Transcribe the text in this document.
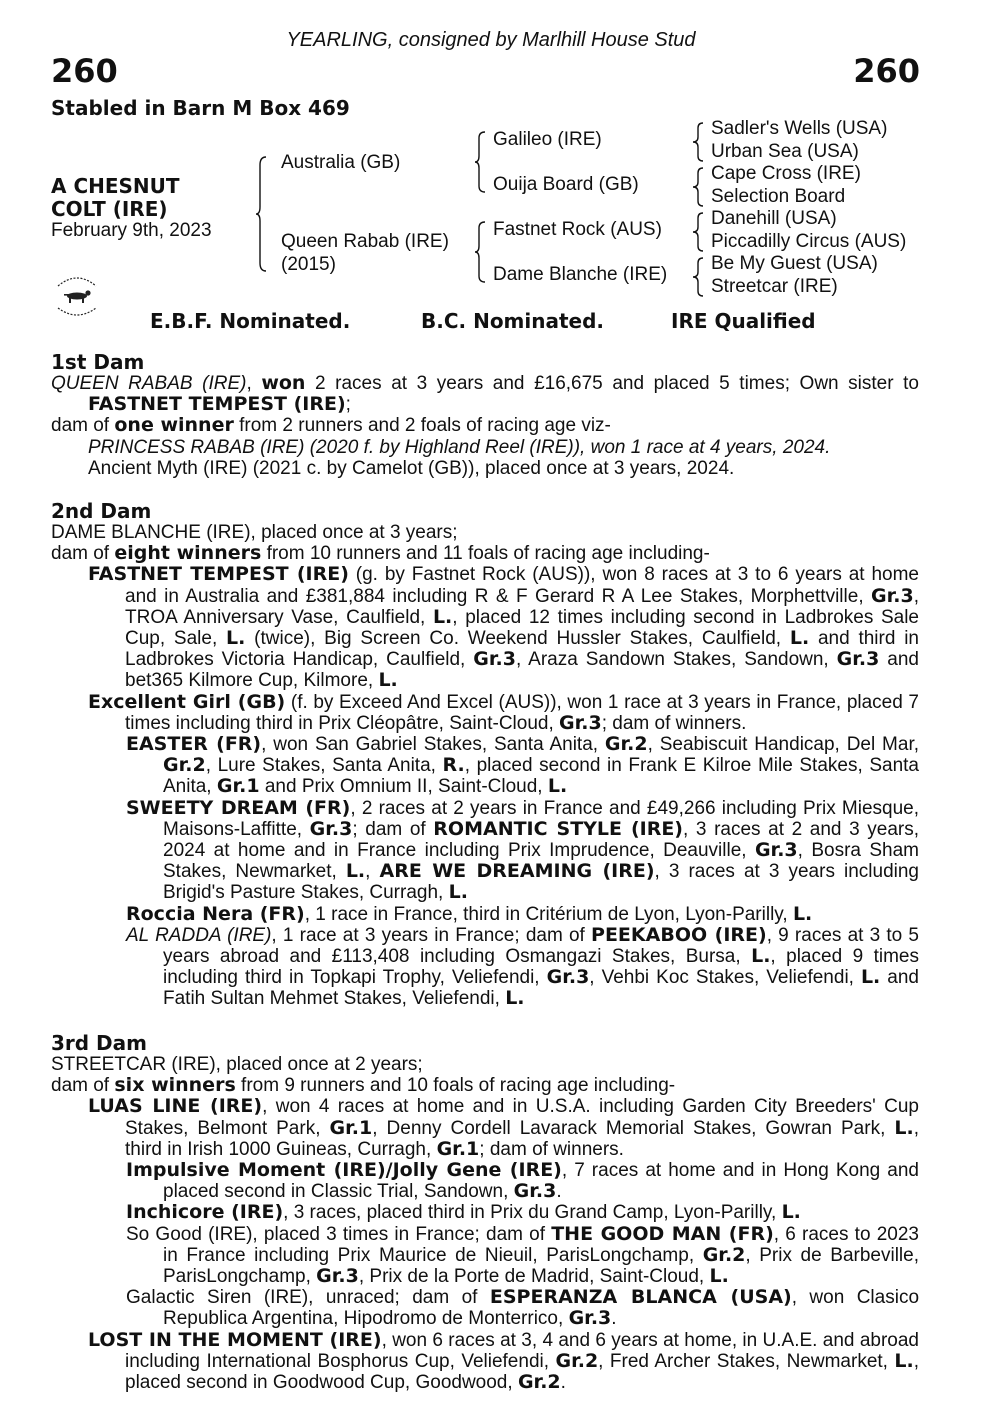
YEARLING, consigned by Marlhill House Stud
260	260
Stabled in Barn M Box 469
A CHESNUT
COLT (IRE)
February 9th, 2023
Australia (GB)
Queen Rabab (IRE)
(2015)
Galileo (IRE)
Ouija Board (GB)
Fastnet Rock (AUS)
Dame Blanche (IRE)
Sadler's Wells (USA)
Urban Sea (USA)
Cape Cross (IRE)
Selection Board
Danehill (USA)
Piccadilly Circus (AUS)
Be My Guest (USA)
Streetcar (IRE)
E.B.F. Nominated.	B.C. Nominated.	IRE Qualified
1st Dam
QUEEN RABAB (IRE), won 2 races at 3 years and £16,675 and placed 5 times; Own sister to FASTNET TEMPEST (IRE);
dam of one winner from 2 runners and 2 foals of racing age viz-
PRINCESS RABAB (IRE) (2020 f. by Highland Reel (IRE)), won 1 race at 4 years, 2024.
Ancient Myth (IRE) (2021 c. by Camelot (GB)), placed once at 3 years, 2024.
2nd Dam
DAME BLANCHE (IRE), placed once at 3 years;
dam of eight winners from 10 runners and 11 foals of racing age including-
FASTNET TEMPEST (IRE) (g. by Fastnet Rock (AUS)), won 8 races at 3 to 6 years at home and in Australia and £381,884 including R & F Gerard R A Lee Stakes, Morphettville, Gr.3, TROA Anniversary Vase, Caulfield, L., placed 12 times including second in Ladbrokes Sale Cup, Sale, L. (twice), Big Screen Co. Weekend Hussler Stakes, Caulfield, L. and third in Ladbrokes Victoria Handicap, Caulfield, Gr.3, Araza Sandown Stakes, Sandown, Gr.3 and bet365 Kilmore Cup, Kilmore, L.
Excellent Girl (GB) (f. by Exceed And Excel (AUS)), won 1 race at 3 years in France, placed 7 times including third in Prix Cléopâtre, Saint-Cloud, Gr.3; dam of winners.
EASTER (FR), won San Gabriel Stakes, Santa Anita, Gr.2, Seabiscuit Handicap, Del Mar, Gr.2, Lure Stakes, Santa Anita, R., placed second in Frank E Kilroe Mile Stakes, Santa Anita, Gr.1 and Prix Omnium II, Saint-Cloud, L.
SWEETY DREAM (FR), 2 races at 2 years in France and £49,266 including Prix Miesque, Maisons-Laffitte, Gr.3; dam of ROMANTIC STYLE (IRE), 3 races at 2 and 3 years, 2024 at home and in France including Prix Imprudence, Deauville, Gr.3, Bosra Sham Stakes, Newmarket, L., ARE WE DREAMING (IRE), 3 races at 3 years including Brigid's Pasture Stakes, Curragh, L.
Roccia Nera (FR), 1 race in France, third in Critérium de Lyon, Lyon-Parilly, L.
AL RADDA (IRE), 1 race at 3 years in France; dam of PEEKABOO (IRE), 9 races at 3 to 5 years abroad and £113,408 including Osmangazi Stakes, Bursa, L., placed 9 times including third in Topkapi Trophy, Veliefendi, Gr.3, Vehbi Koc Stakes, Veliefendi, L. and Fatih Sultan Mehmet Stakes, Veliefendi, L.
3rd Dam
STREETCAR (IRE), placed once at 2 years;
dam of six winners from 9 runners and 10 foals of racing age including-
LUAS LINE (IRE), won 4 races at home and in U.S.A. including Garden City Breeders' Cup Stakes, Belmont Park, Gr.1, Denny Cordell Lavarack Memorial Stakes, Gowran Park, L., third in Irish 1000 Guineas, Curragh, Gr.1; dam of winners.
Impulsive Moment (IRE)/Jolly Gene (IRE), 7 races at home and in Hong Kong and placed second in Classic Trial, Sandown, Gr.3.
Inchicore (IRE), 3 races, placed third in Prix du Grand Camp, Lyon-Parilly, L.
So Good (IRE), placed 3 times in France; dam of THE GOOD MAN (FR), 6 races to 2023 in France including Prix Maurice de Nieuil, ParisLongchamp, Gr.2, Prix de Barbeville, ParisLongchamp, Gr.3, Prix de la Porte de Madrid, Saint-Cloud, L.
Galactic Siren (IRE), unraced; dam of ESPERANZA BLANCA (USA), won Clasico Republica Argentina, Hipodromo de Monterrico, Gr.3.
LOST IN THE MOMENT (IRE), won 6 races at 3, 4 and 6 years at home, in U.A.E. and abroad including International Bosphorus Cup, Veliefendi, Gr.2, Fred Archer Stakes, Newmarket, L., placed second in Goodwood Cup, Goodwood, Gr.2.
